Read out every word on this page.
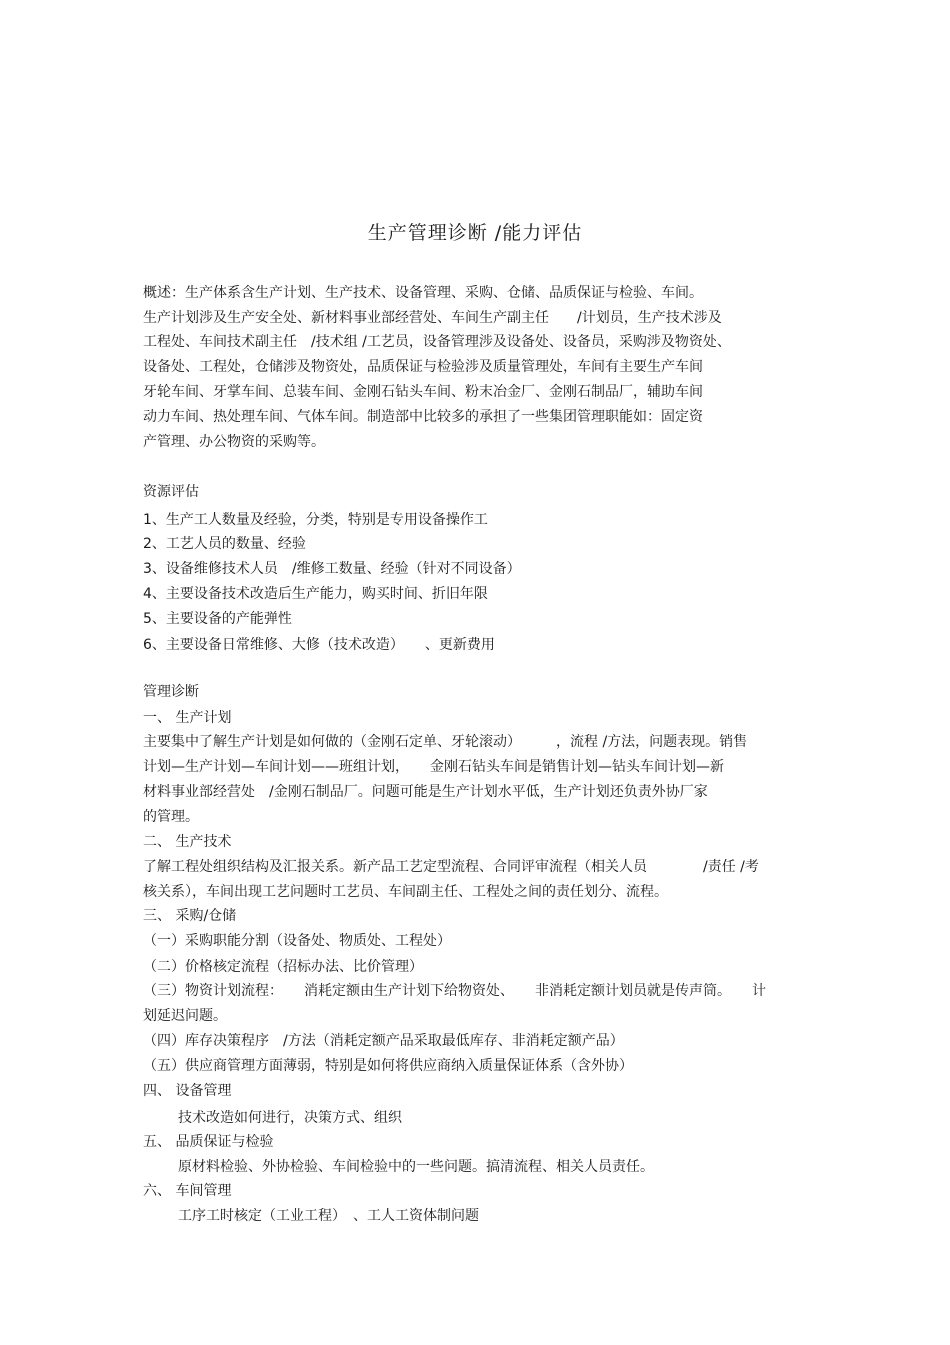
生产管理诊断 /能力评估
概述：生产体系含生产计划、生产技术、设备管理、采购、仓储、品质保证与检验、车间。
生产计划涉及生产安全处、新材料事业部经营处、车间生产副主任　　/计划员，生产技术涉及
工程处、车间技术副主任　/技术组 /工艺员，设备管理涉及设备处、设备员，采购涉及物资处、
设备处、工程处，仓储涉及物资处，品质保证与检验涉及质量管理处，车间有主要生产车间
牙轮车间、牙掌车间、总装车间、金刚石钻头车间、粉末冶金厂、金刚石制品厂，辅助车间
动力车间、热处理车间、气体车间。制造部中比较多的承担了一些集团管理职能如：固定资
产管理、办公物资的采购等。
资源评估
1、生产工人数量及经验，分类，特别是专用设备操作工
2、工艺人员的数量、经验
3、设备维修技术人员　/维修工数量、经验（针对不同设备）
4、主要设备技术改造后生产能力，购买时间、折旧年限
5、主要设备的产能弹性
6、主要设备日常维修、大修（技术改造）　　、更新费用
管理诊断
一、 生产计划
主要集中了解生产计划是如何做的（金刚石定单、牙轮滚动）　　　，流程 /方法，问题表现。销售
计划—生产计划—车间计划——班组计划，　　金刚石钻头车间是销售计划—钻头车间计划—新
材料事业部经营处　/金刚石制品厂。问题可能是生产计划水平低，生产计划还负责外协厂家
的管理。
二、 生产技术
了解工程处组织结构及汇报关系。新产品工艺定型流程、合同评审流程（相关人员　　　　/责任 /考
核关系），车间出现工艺问题时工艺员、车间副主任、工程处之间的责任划分、流程。
三、 采购/仓储
（一）采购职能分割（设备处、物质处、工程处）
（二）价格核定流程（招标办法、比价管理）
（三）物资计划流程：　　消耗定额由生产计划下给物资处、　　非消耗定额计划员就是传声筒。　　计
划延迟问题。
（四）库存决策程序　/方法（消耗定额产品采取最低库存、非消耗定额产品）
（五）供应商管理方面薄弱，特别是如何将供应商纳入质量保证体系（含外协）
四、 设备管理
技术改造如何进行，决策方式、组织
五、 品质保证与检验
原材料检验、外协检验、车间检验中的一些问题。搞清流程、相关人员责任。
六、 车间管理
工序工时核定（工业工程）　、工人工资体制问题
